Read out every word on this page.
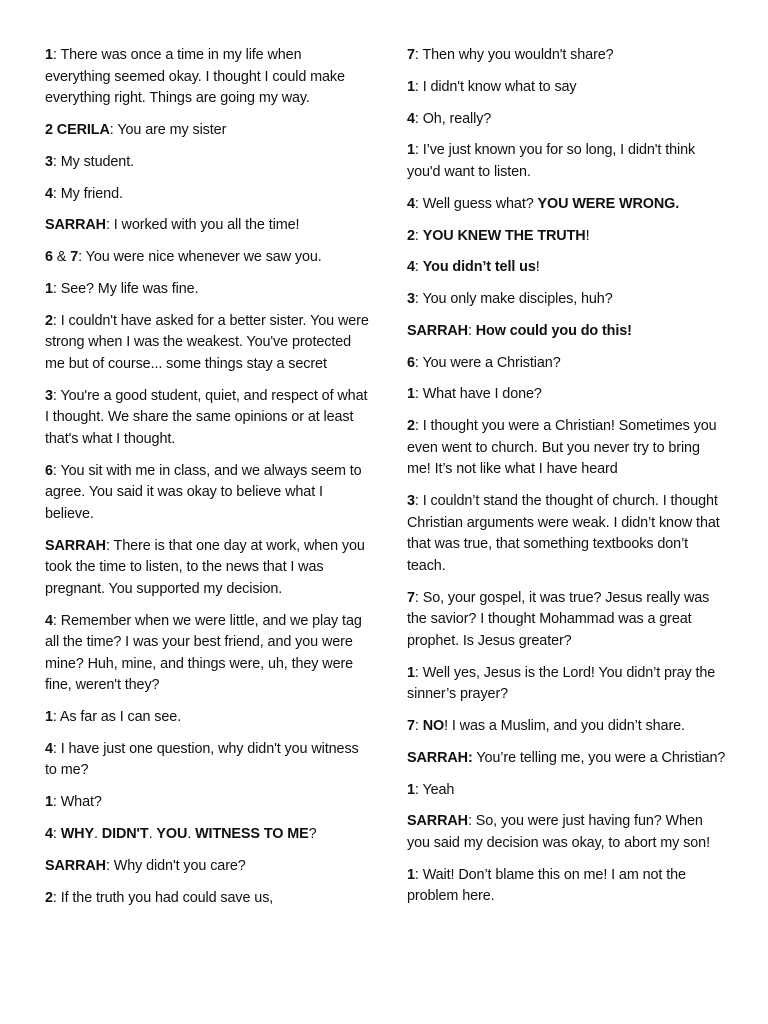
1: There was once a time in my life when everything seemed okay. I thought I could make everything right. Things are going my way.

2 CERILA: You are my sister

3: My student.

4: My friend.

SARRAH: I worked with you all the time!

6 & 7: You were nice whenever we saw you.

1: See? My life was fine.

2: I couldn't have asked for a better sister. You were strong when I was the weakest. You've protected me but of course... some things stay a secret

3: You're a good student, quiet, and respect of what I thought. We share the same opinions or at least that's what I thought.

6: You sit with me in class, and we always seem to agree. You said it was okay to believe what I believe.

SARRAH: There is that one day at work, when you took the time to listen, to the news that I was pregnant. You supported my decision.

4: Remember when we were little, and we play tag all the time? I was your best friend, and you were mine? Huh, mine, and things were, uh, they were fine, weren't they?

1: As far as I can see.

4: I have just one question, why didn't you witness to me?

1: What?

4: WHY. DIDN'T. YOU. WITNESS TO ME?

SARRAH: Why didn't you care?

2: If the truth you had could save us,

7: Then why you wouldn't share?

1: I didn't know what to say

4: Oh, really?

1: I’ve just known you for so long, I didn't think you'd want to listen.

4: Well guess what? YOU WERE WRONG.

2: YOU KNEW THE TRUTH!

4: You didn’t tell us!

3: You only make disciples, huh?

SARRAH: How could you do this!

6: You were a Christian?

1: What have I done?

2: I thought you were a Christian! Sometimes you even went to church. But you never try to bring me! It’s not like what I have heard

3: I couldn’t stand the thought of church. I thought Christian arguments were weak. I didn’t know that that was true, that something textbooks don’t teach.

7: So, your gospel, it was true? Jesus really was the savior? I thought Mohammad was a great prophet. Is Jesus greater?

1: Well yes, Jesus is the Lord! You didn’t pray the sinner’s prayer?

7: NO! I was a Muslim, and you didn’t share.

SARRAH: You’re telling me, you were a Christian?

1: Yeah

SARRAH: So, you were just having fun? When you said my decision was okay, to abort my son!

1: Wait! Don’t blame this on me! I am not the problem here.
